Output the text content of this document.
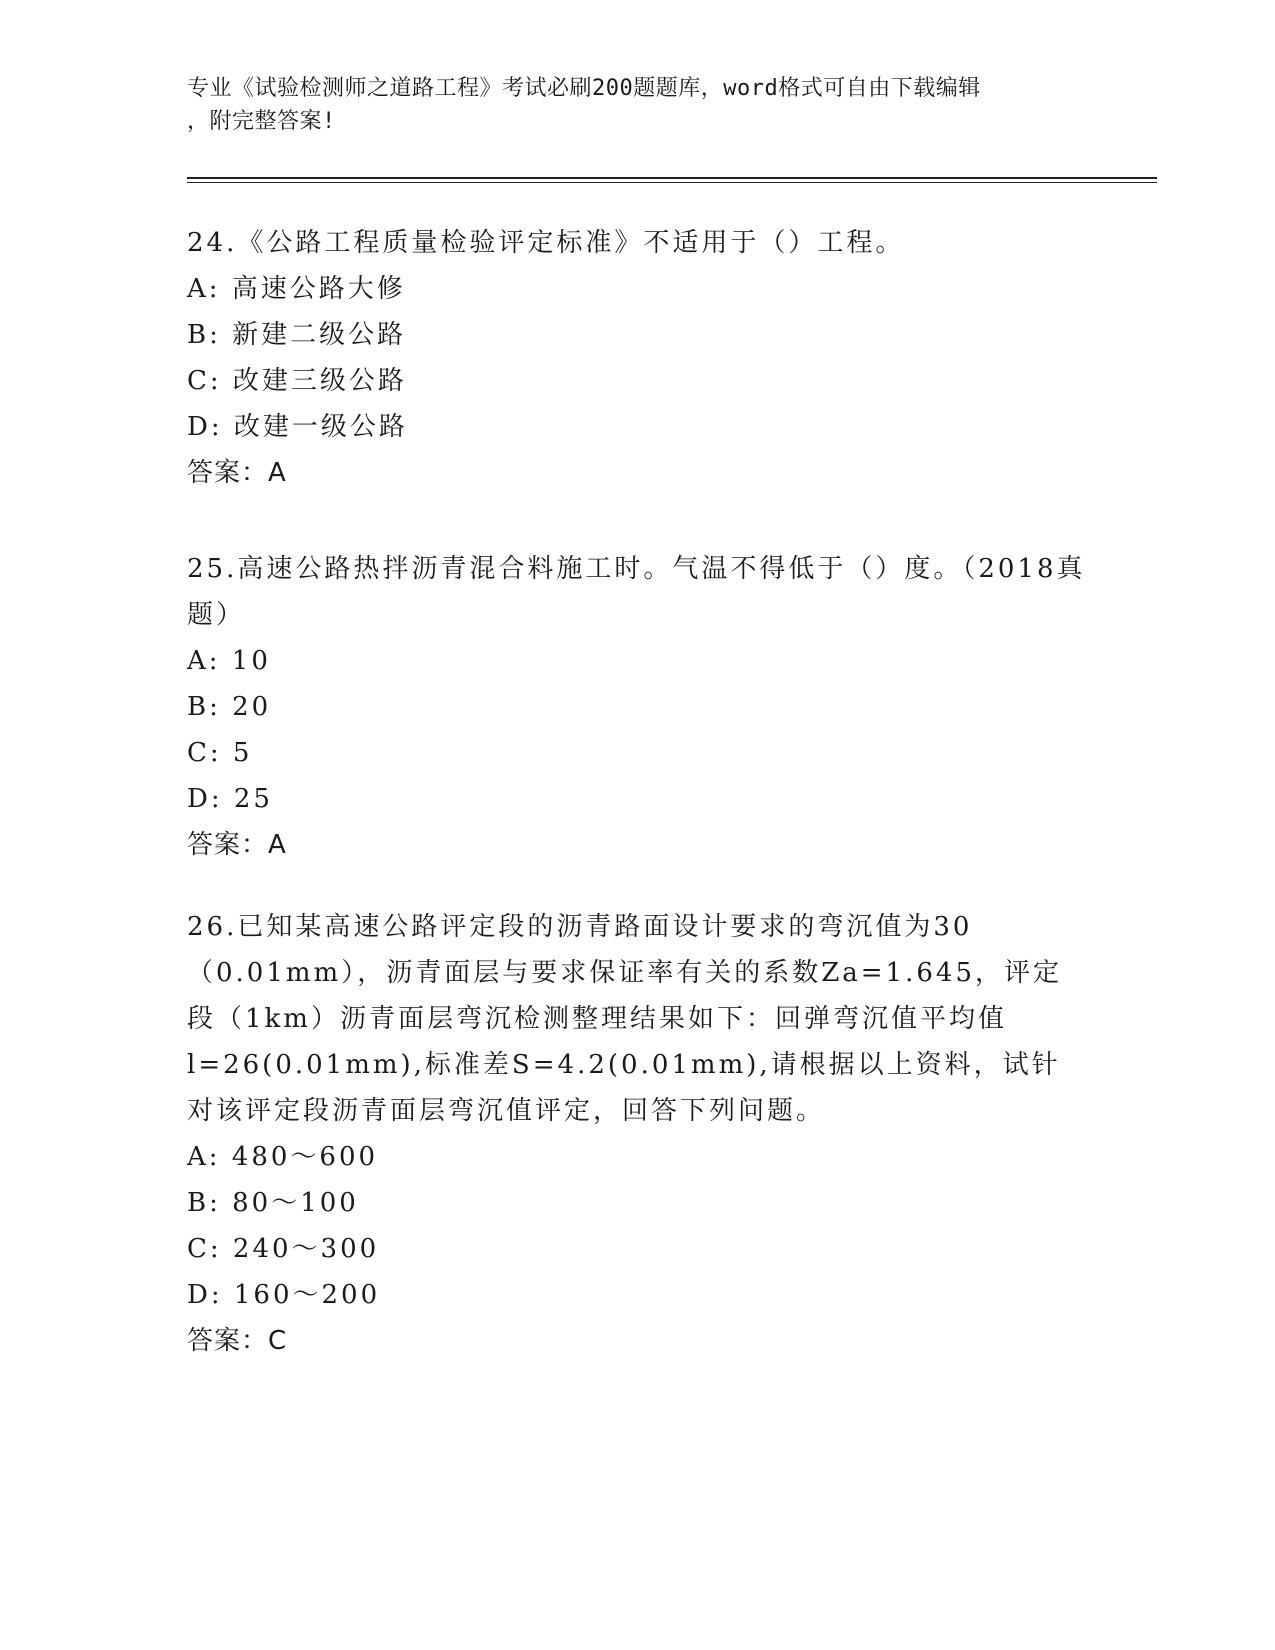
专业《试验检测师之道路工程》考试必刷200题题库，word格式可自由下载编辑
，附完整答案!

24.《公路工程质量检验评定标准》不适用于（）工程。

A: 高速公路大修

B: 新建二级公路

C: 改建三级公路

D: 改建一级公路

答案：A

25.高速公路热拌沥青混合料施工时。气温不得低于（）度。（2018真题）

A: 10

B: 20

C: 5

D: 25

答案：A

26.已知某高速公路评定段的沥青路面设计要求的弯沉值为30（0.01mm），沥青面层与要求保证率有关的系数Za=1.645，评定段（1km）沥青面层弯沉检测整理结果如下：回弹弯沉值平均值l=26(0.01mm),标准差S=4.2(0.01mm),请根据以上资料，试针对该评定段沥青面层弯沉值评定，回答下列问题。

A: 480～600

B: 80～100

C: 240～300

D: 160～200

答案：C
